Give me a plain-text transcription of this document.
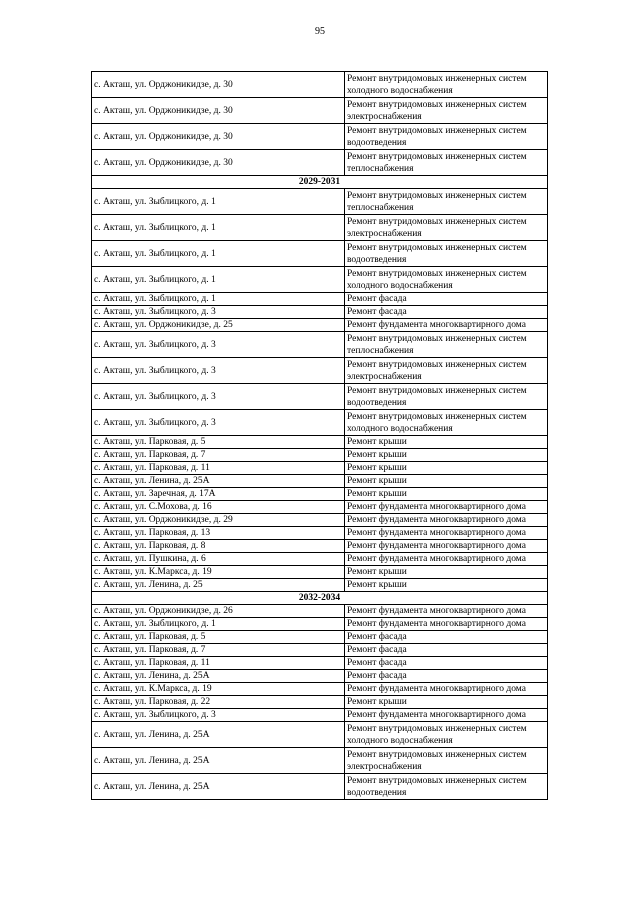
95
с. Акташ, ул. Орджоникидзе, д. 30	Ремонт внутридомовых инженерных систем холодного водоснабжения
с. Акташ, ул. Орджоникидзе, д. 30	Ремонт внутридомовых инженерных систем электроснабжения
с. Акташ, ул. Орджоникидзе, д. 30	Ремонт внутридомовых инженерных систем водоотведения
с. Акташ, ул. Орджоникидзе, д. 30	Ремонт внутридомовых инженерных систем теплоснабжения
2029-2031	
с. Акташ, ул. Зыблицкого, д. 1	Ремонт внутридомовых инженерных систем теплоснабжения
с. Акташ, ул. Зыблицкого, д. 1	Ремонт внутридомовых инженерных систем электроснабжения
с. Акташ, ул. Зыблицкого, д. 1	Ремонт внутридомовых инженерных систем водоотведения
с. Акташ, ул. Зыблицкого, д. 1	Ремонт внутридомовых инженерных систем холодного водоснабжения
с. Акташ, ул. Зыблицкого, д. 1	Ремонт фасада
с. Акташ, ул. Зыблицкого, д. 3	Ремонт фасада
с. Акташ, ул. Орджоникидзе, д. 25	Ремонт фундамента многоквартирного дома
с. Акташ, ул. Зыблицкого, д. 3	Ремонт внутридомовых инженерных систем теплоснабжения
с. Акташ, ул. Зыблицкого, д. 3	Ремонт внутридомовых инженерных систем электроснабжения
с. Акташ, ул. Зыблицкого, д. 3	Ремонт внутридомовых инженерных систем водоотведения
с. Акташ, ул. Зыблицкого, д. 3	Ремонт внутридомовых инженерных систем холодного водоснабжения
с. Акташ, ул. Парковая, д. 5	Ремонт крыши
с. Акташ, ул. Парковая, д. 7	Ремонт крыши
с. Акташ, ул. Парковая, д. 11	Ремонт крыши
с. Акташ, ул. Ленина, д. 25А	Ремонт крыши
с. Акташ, ул. Заречная, д. 17А	Ремонт крыши
с. Акташ, ул. С.Мохова, д. 16	Ремонт фундамента многоквартирного дома
с. Акташ, ул. Орджоникидзе, д. 29	Ремонт фундамента многоквартирного дома
с. Акташ, ул. Парковая, д. 13	Ремонт фундамента многоквартирного дома
с. Акташ, ул. Парковая, д. 8	Ремонт фундамента многоквартирного дома
с. Акташ, ул. Пушкина, д. 6	Ремонт фундамента многоквартирного дома
с. Акташ, ул. К.Маркса, д. 19	Ремонт крыши
с. Акташ, ул. Ленина, д. 25	Ремонт крыши
2032-2034	
с. Акташ, ул. Орджоникидзе, д. 26	Ремонт фундамента многоквартирного дома
с. Акташ, ул. Зыблицкого, д. 1	Ремонт фундамента многоквартирного дома
с. Акташ, ул. Парковая, д. 5	Ремонт фасада
с. Акташ, ул. Парковая, д. 7	Ремонт фасада
с. Акташ, ул. Парковая, д. 11	Ремонт фасада
с. Акташ, ул. Ленина, д. 25А	Ремонт фасада
с. Акташ, ул. К.Маркса, д. 19	Ремонт фундамента многоквартирного дома
с. Акташ, ул. Парковая, д. 22	Ремонт крыши
с. Акташ, ул. Зыблицкого, д. 3	Ремонт фундамента многоквартирного дома
с. Акташ, ул. Ленина, д. 25А	Ремонт внутридомовых инженерных систем холодного водоснабжения
с. Акташ, ул. Ленина, д. 25А	Ремонт внутридомовых инженерных систем электроснабжения
с. Акташ, ул. Ленина, д. 25А	Ремонт внутридомовых инженерных систем водоотведения
